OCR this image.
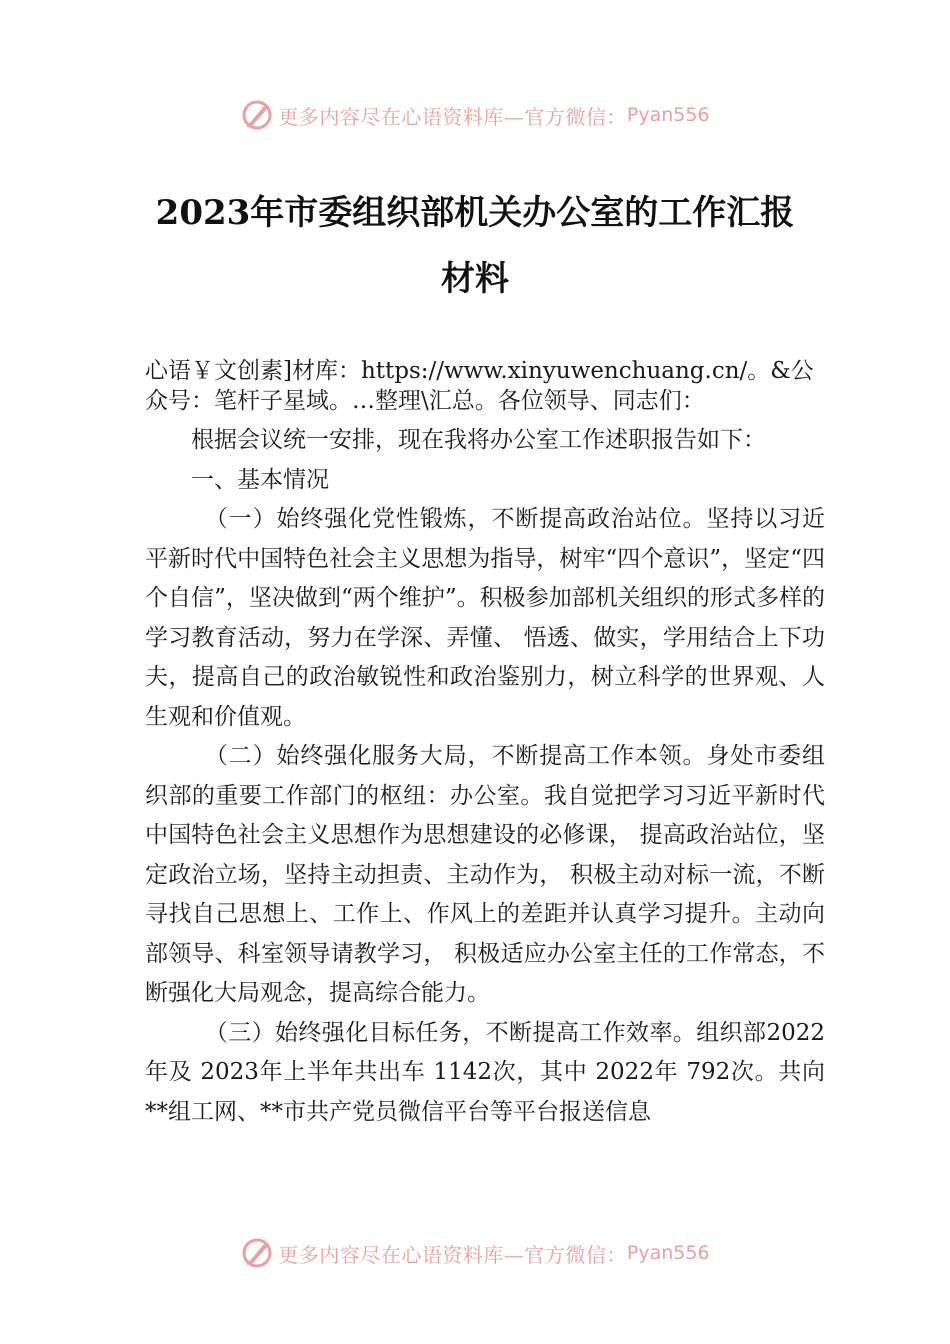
更多内容尽在心语资料库—官方微信： Pyan556
2023年市委组织部机关办公室的工作汇报
材料
心语￥文创素]材库：https://www.xinyuwenchuang.cn/。&公众号：笔杆子星域。…整理\汇总。各位领导、同志们：

根据会议统一安排，现在我将办公室工作述职报告如下：

一、基本情况

（一）始终强化党性锻炼，不断提高政治站位。坚持以习近平新时代中国特色社会主义思想为指导，树牢“四个意识”，坚定“四个自信”，坚决做到“两个维护”。积极参加部机关组织的形式多样的学习教育活动，努力在学深、弄懂、 悟透、做实，学用结合上下功夫，提高自己的政治敏锐性和政治鉴别力，树立科学的世界观、人生观和价值观。

（二）始终强化服务大局，不断提高工作本领。身处市委组织部的重要工作部门的枢纽：办公室。我自觉把学习习近平新时代中国特色社会主义思想作为思想建设的必修课， 提高政治站位，坚定政治立场，坚持主动担责、主动作为， 积极主动对标一流，不断寻找自己思想上、工作上、作风上的差距并认真学习提升。主动向部领导、科室领导请教学习， 积极适应办公室主任的工作常态，不断强化大局观念，提高综合能力。

（三）始终强化目标任务，不断提高工作效率。组织部2022年及 2023年上半年共出车 1142次，其中 2022年 792次。共向**组工网、**市共产党员微信平台等平台报送信息

更多内容尽在心语资料库—官方微信： Pyan556
